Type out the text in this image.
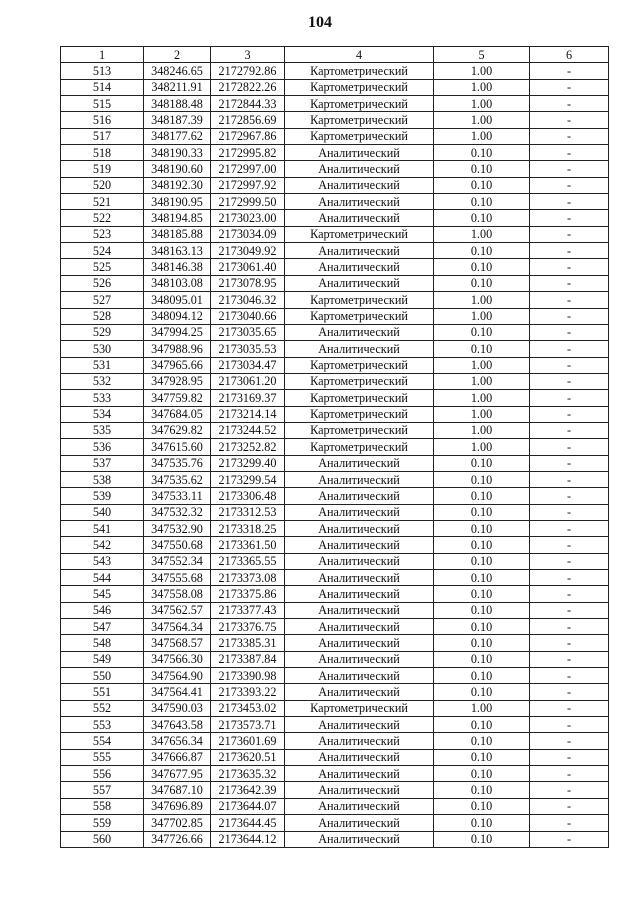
104
1	2	3	4	5	6
513	348246.65	2172792.86	Картометрический	1.00	-
514	348211.91	2172822.26	Картометрический	1.00	-
515	348188.48	2172844.33	Картометрический	1.00	-
516	348187.39	2172856.69	Картометрический	1.00	-
517	348177.62	2172967.86	Картометрический	1.00	-
518	348190.33	2172995.82	Аналитический	0.10	-
519	348190.60	2172997.00	Аналитический	0.10	-
520	348192.30	2172997.92	Аналитический	0.10	-
521	348190.95	2172999.50	Аналитический	0.10	-
522	348194.85	2173023.00	Аналитический	0.10	-
523	348185.88	2173034.09	Картометрический	1.00	-
524	348163.13	2173049.92	Аналитический	0.10	-
525	348146.38	2173061.40	Аналитический	0.10	-
526	348103.08	2173078.95	Аналитический	0.10	-
527	348095.01	2173046.32	Картометрический	1.00	-
528	348094.12	2173040.66	Картометрический	1.00	-
529	347994.25	2173035.65	Аналитический	0.10	-
530	347988.96	2173035.53	Аналитический	0.10	-
531	347965.66	2173034.47	Картометрический	1.00	-
532	347928.95	2173061.20	Картометрический	1.00	-
533	347759.82	2173169.37	Картометрический	1.00	-
534	347684.05	2173214.14	Картометрический	1.00	-
535	347629.82	2173244.52	Картометрический	1.00	-
536	347615.60	2173252.82	Картометрический	1.00	-
537	347535.76	2173299.40	Аналитический	0.10	-
538	347535.62	2173299.54	Аналитический	0.10	-
539	347533.11	2173306.48	Аналитический	0.10	-
540	347532.32	2173312.53	Аналитический	0.10	-
541	347532.90	2173318.25	Аналитический	0.10	-
542	347550.68	2173361.50	Аналитический	0.10	-
543	347552.34	2173365.55	Аналитический	0.10	-
544	347555.68	2173373.08	Аналитический	0.10	-
545	347558.08	2173375.86	Аналитический	0.10	-
546	347562.57	2173377.43	Аналитический	0.10	-
547	347564.34	2173376.75	Аналитический	0.10	-
548	347568.57	2173385.31	Аналитический	0.10	-
549	347566.30	2173387.84	Аналитический	0.10	-
550	347564.90	2173390.98	Аналитический	0.10	-
551	347564.41	2173393.22	Аналитический	0.10	-
552	347590.03	2173453.02	Картометрический	1.00	-
553	347643.58	2173573.71	Аналитический	0.10	-
554	347656.34	2173601.69	Аналитический	0.10	-
555	347666.87	2173620.51	Аналитический	0.10	-
556	347677.95	2173635.32	Аналитический	0.10	-
557	347687.10	2173642.39	Аналитический	0.10	-
558	347696.89	2173644.07	Аналитический	0.10	-
559	347702.85	2173644.45	Аналитический	0.10	-
560	347726.66	2173644.12	Аналитический	0.10	-
